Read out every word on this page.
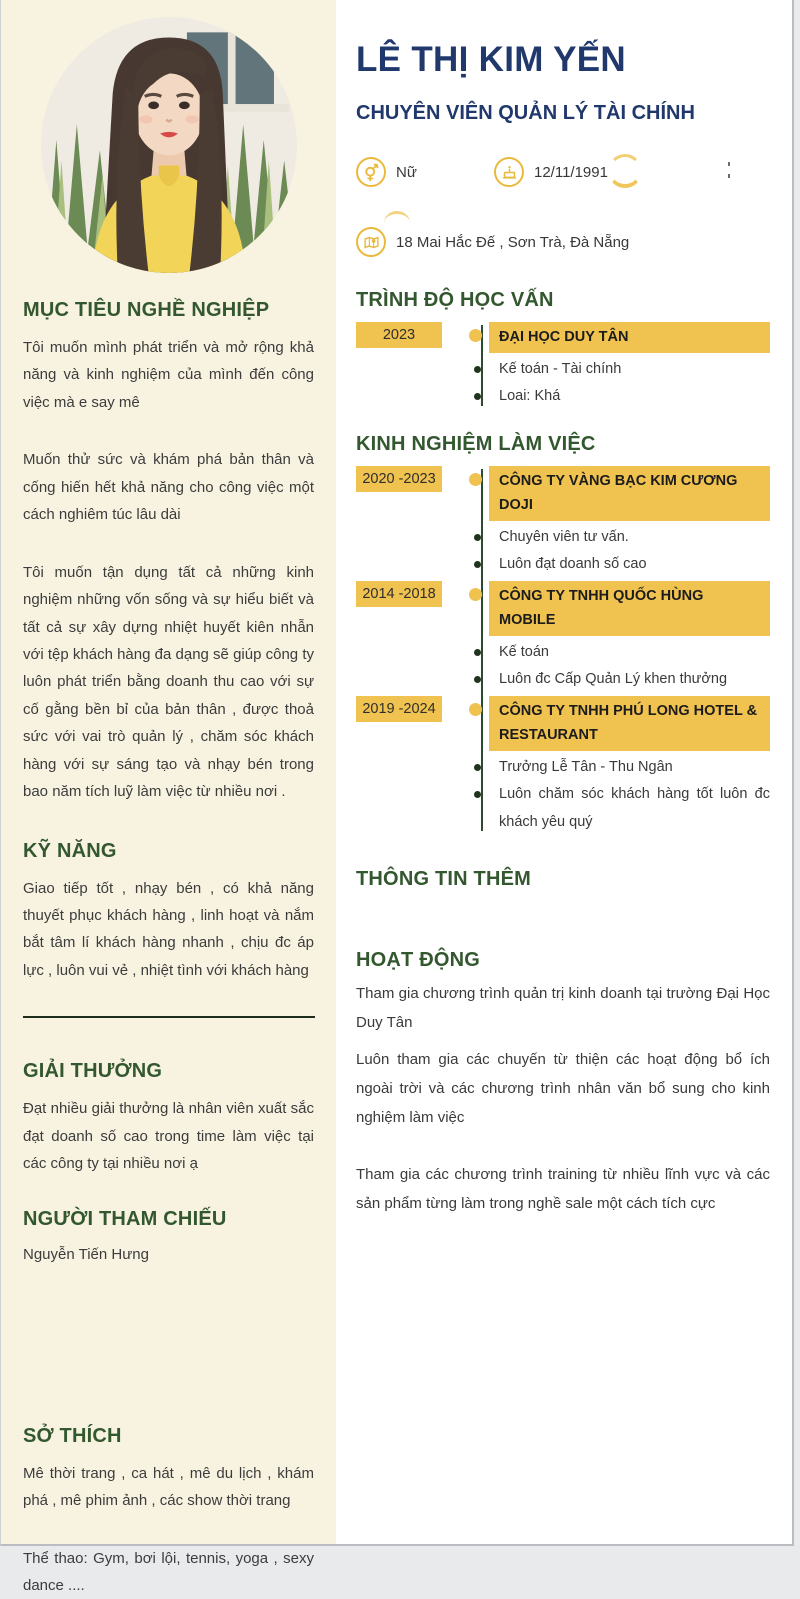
MỤC TIÊU NGHỀ NGHIỆP

Tôi muốn mình phát triển và mở rộng khả năng và kinh nghiệm của mình đến công việc mà e say mê

Muốn thử sức và khám phá bản thân và cống hiến hết khả năng cho công việc một cách nghiêm túc lâu dài

Tôi muốn tận dụng tất cả những kinh nghiệm những vốn sống và sự hiểu biết và tất cả sự xây dựng nhiệt huyết kiên nhẫn với tệp khách hàng đa dạng sẽ giúp công ty luôn phát triển bằng doanh thu cao với sự cố gằng bền bỉ của bản thân , được thoả sức với vai trò quản lý , chăm sóc khách hàng với sự sáng tạo và nhạy bén trong bao năm tích luỹ làm việc từ nhiều nơi .

KỸ NĂNG

Giao tiếp tốt , nhạy bén , có khả năng thuyết phục khách hàng , linh hoạt và nắm bắt tâm lí khách hàng nhanh , chịu đc áp lực , luôn vui vẻ , nhiệt tình với khách hàng

GIẢI THƯỞNG

Đạt nhiều giải thưởng là nhân viên xuất sắc đạt doanh số cao trong time làm việc tại các công ty tại nhiều nơi ạ

NGƯỜI THAM CHIẾU

Nguyễn Tiến Hưng

SỞ THÍCH

Mê thời trang , ca hát , mê du lịch , khám phá , mê phim ảnh , các show thời trang

Thể thao: Gym, bơi lội, tennis, yoga , sexy dance ....

LÊ THỊ KIM YẾN
CHUYÊN VIÊN QUẢN LÝ TÀI CHÍNH
Nữ	12/11/1991
18 Mai Hắc Đế , Sơn Trà, Đà Nẵng
TRÌNH ĐỘ HỌC VẤN
2023	ĐẠI HỌC DUY TÂN
Kế toán - Tài chính
Loai: Khá
KINH NGHIỆM LÀM VIỆC
2020 -2023	CÔNG TY VÀNG BẠC KIM CƯƠNG DOJI
Chuyên viên tư vấn.
Luôn đạt doanh số cao
2014 -2018	CÔNG TY TNHH QUỐC HÙNG MOBILE
Kế toán
Luôn đc Cấp Quản Lý khen thưởng
2019 -2024	CÔNG TY TNHH PHÚ LONG HOTEL & RESTAURANT
Trưởng Lễ Tân - Thu Ngân
Luôn chăm sóc khách hàng tốt luôn đc khách yêu quý
THÔNG TIN THÊM
HOẠT ĐỘNG

Tham gia chương trình quản trị kinh doanh tại trường Đại Học Duy Tân

Luôn tham gia các chuyến từ thiện các hoạt động bổ ích ngoài trời và các chương trình nhân văn bổ sung cho kinh nghiệm làm việc

Tham gia các chương trình training từ nhiều lĩnh vực và các sản phẩm từng làm trong nghề sale một cách tích cực
